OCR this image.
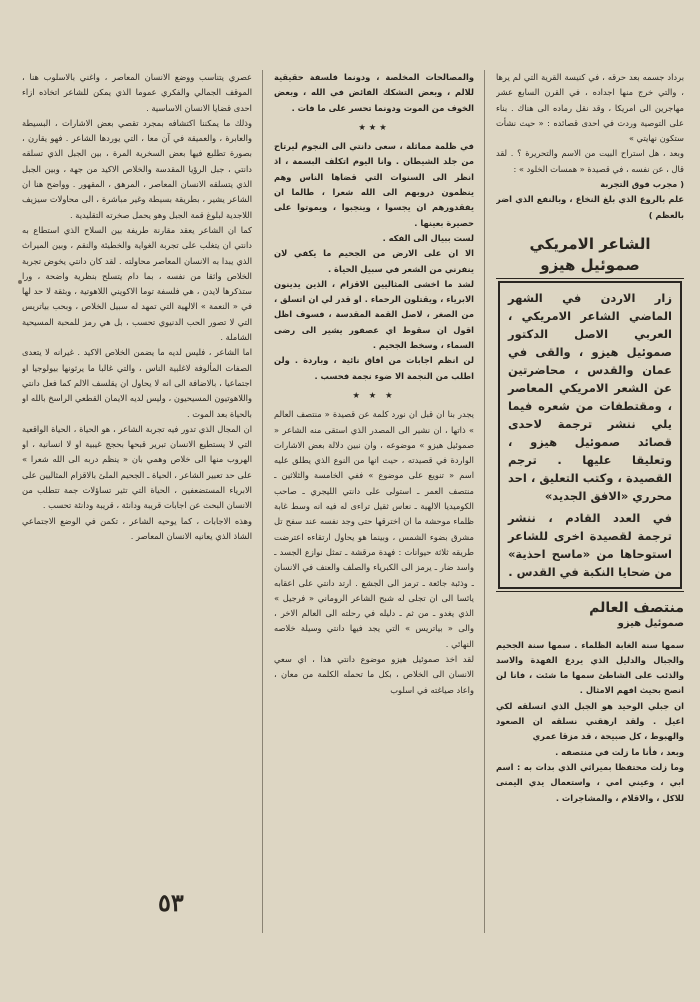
برداد جسمه بعد حرقه ، في كنيسة القرية التي لم يرها ، والتي خرج منها اجداده ، في القرن السابع عشر مهاجرين الى امريكا ، وقد نقل رماده الى هناك . بناء على التوصية وردت في احدى قصائده : « حيث نشأت ستكون نهايتي »

وبعد ، هل استراح البيت من الاسم والتحريرة ؟ . لقد قال ، عن نفسه ، في قصيدة « همسات الخلود » :

( مجرب فوق التجربة

علم بالروع الذي بلغ النخاع ، وبالنفع الذي اضر بالعظم )

الشاعر الامريكي
صموئيل هيزو
زار الاردن في الشهر الماضي الشاعر الامريكي ، العربي الاصل الدكتور صموئيل هيزو ، والقى في عمان والقدس ، محاضرتين عن الشعر الامريكي المعاصر ، ومقتطفات من شعره فيما يلي ننشر ترجمة لاحدى قصائد صموئيل هيزو ، وتعليقا عليها . ترجم القصيدة ، وكتب التعليق ، احد محرري «الافق الجديد»
في العدد القادم ، ننشر ترجمة لقصيدة اخرى للشاعر استوحاها من «ماسح احذية» من ضحايا النكبة في القدس .
منتصف العالم
صموئيل هيزو

سمها سنة الغابة الظلماء . سمها سنة الجحيم والجبال والدليل الذي يردع الفهدة والاسد والذئب على الشاطئ سمها ما شئت ، فانا لن انصح بحيث افهم الامثال .

ان جبلي الوحيد هو الجبل الذي اتسلقه لكي اعيل . ولقد ارهقني نسلقه ان الصعود والهبوط ، كل صبيحة ، قد مزقا عمري

وبعد ، فأنا ما زلت في منتصفه .

وما زلت محتفظا بميراثي الذي بدات به : اسم ابي ، وعيني امي ، واستعمال يدي اليمنى للاكل ، والاقلام ، والمشاجرات .

والمصالحات المخلصة ، ودونما فلسفة حقيقية للالم ، وبعض التشكك الفائض في الله ، وبعض الخوف من الموت ودونما تحسر على ما فات .

★★★

في ظلمة مماثلة ، سعى دانتي الى النجوم ليرتاح من جلد الشيطان . وانا اليوم اتكلف البسمة ، اذ انظر الى السنوات التي قضاها الناس وهم ينظمون دروبهم الى الله شعرا ، طالما ان يفقدورهم ان يجسوا ، وينجبوا ، ويموتوا على حصيرة بعينها .

لست ببيال الى الفكه .

الا ان على الارض من الجحيم ما يكفي لان ينفرني من الشعر في سبيل الحياة .

لشد ما اخشى المثاليين الاقزام ، الذين يدينون الابرياء ، ويقتلون الرحماء . او قدر لي ان اتسلق ، من الصغر ، لاصل القمة المقدسة ، فسوف اظل اقول ان سقوط اي عصفور يشير الى رضى السماء ، وسخط الجحيم .

لن انظم اجابات من افاق نائية ، وباردة . ولن اطلب من النجمة الا ضوء نجمة فحسب .

★ ★ ★

يجدر بنا ان قبل ان نورد كلمة عن قصيدة « منتصف العالم » ذاتها ، ان نشير الى المصدر الذي استقى منه الشاعر « صموئيل هيزو » موضوعه ، وان نبين دلالة بعض الاشارات الواردة في قصيدته ، حيث انها من النوع الذي يطلق عليه اسم « تنويع على موضوع » ففي الخامسة والثلاثين ـ منتصف العمر ـ استولى على دانتي الليجري ـ صاحب الكوميديا الالهية ـ نعاس ثقيل تراءى له فيه انه وسط غابة ظلماء موحشة ما ان اخترقها حتى وجد نفسه عند سفح تل مشرق بضوء الشمس ، وبينما هو يحاول ارتقاءه اعترضت طريقه ثلاثة حيوانات : فهدة مرقشة ـ تمثل نوازع الجسد ـ واسد ضار ـ يرمز الى الكبرياء والصلف والعنف في الانسان ـ وذئبة جائعة ـ ترمز الى الجشع . ارتد دانتي على اعقابه يائسا الى ان تجلى له شبح الشاعر الروماني « فرجيل » الذي يغدو ـ من ثم ـ دليله في رحلته الى العالم الاخر ، والى « بياتريس » التي يجد فيها دانتي وسيلة خلاصه النهائي .

لقد اخذ صموئيل هيزو موضوع دانتي هذا ، اي سعي الانسان الى الخلاص ، بكل ما تحمله الكلمة من معان ، واعاد صياغته في اسلوب

عصري يتناسب ووضع الانسان المعاصر ، واغني بالاسلوب هنا ، الموقف الجمالي والفكري عموما الذي يمكن للشاعر اتخاذه ازاء احدى قضايا الانسان الاساسية .

وذلك ما يمكننا اكتشافه بمجرد تقصي بعض الاشارات ، البسيطة والعابرة ، والعميقة في آن معا ، التي يوردها الشاعر . فهو يقارن ، بصورة تطلبع فيها بعض السخرية المرة ، بين الجبل الذي تسلقه دانتي ، جبل الرؤيا المقدسة والخلاص الاكيد من جهة ، وبين الجبل الذي يتسلقه الانسان المعاصر ، المرهق ، المقهور . وواضح هنا ان الشاعر يشير ، بطريقة بسيطة وغير مباشرة ، الى محاولات سيزيف اللاجدية لبلوغ قمة الجبل وهو يحمل صخرته التقليدية .

كما ان الشاعر يعقد مقارنة طريفة بين السلاح الذي استطاع به دانتي ان يتغلب على تجربة الغواية والخطيئة والنقم ، وبين الميراث الذي يبدا به الانسان المعاصر محاولته . لقد كان دانتي يخوض تجربة الخلاص واثقا من نفسه ، بما دام يتسلح بنظرية واضحة ، ورا ستذكرها لايدن ، هي فلسفة توما الاكويني اللاهوتية ، وبثقة لا حد لها في « النعمة » الالهية التي تمهد له سبيل الخلاص ، وبحب بياتريس التي لا تصور الحب الدنيوي تحسب ، بل هي رمز للمحبة المسيحية الشاملة .

اما الشاعر ، فليس لديه ما يضمن الخلاص الاكيد . غيرانه لا يتعدى الصفات المألوفة لاغلبية الناس ، والتي غالبا ما يرثونها بيولوجيا او اجتماعيا ، بالاضافة الى انه لا يحاول ان يقلسف الالم كما فعل دانتي واللاهوتيون المسيحيون ، وليس لديه الايمان القطعي الراسخ بالله او بالحياة بعد الموت .

ان المجال الذي تدور فيه تجربة الشاعر ، هو الحياة ، الحياة الواقعية التي لا يستطيع الانسان تبرير قبحها بحجج غيبية او لا انسانية ، او الهروب منها الى خلاص وهمي بان « ينظم دربه الى الله شعرا » على حد تعبير الشاعر ، الحياة ـ الجحيم الملئ بالاقزام المثاليين على الابرياء المستضعفين ، الحياة التي تثير تساؤلات جمة تتطلب من الانسان البحث عن اجابات قريبة ودانئة ، قريبة ودانئة تحسب .

وهذه الاجابات ، كما يوحيه الشاعر ، تكمن في الوضع الاجتماعي الشاذ الذي يعانيه الانسان المعاصر .

٥٣
